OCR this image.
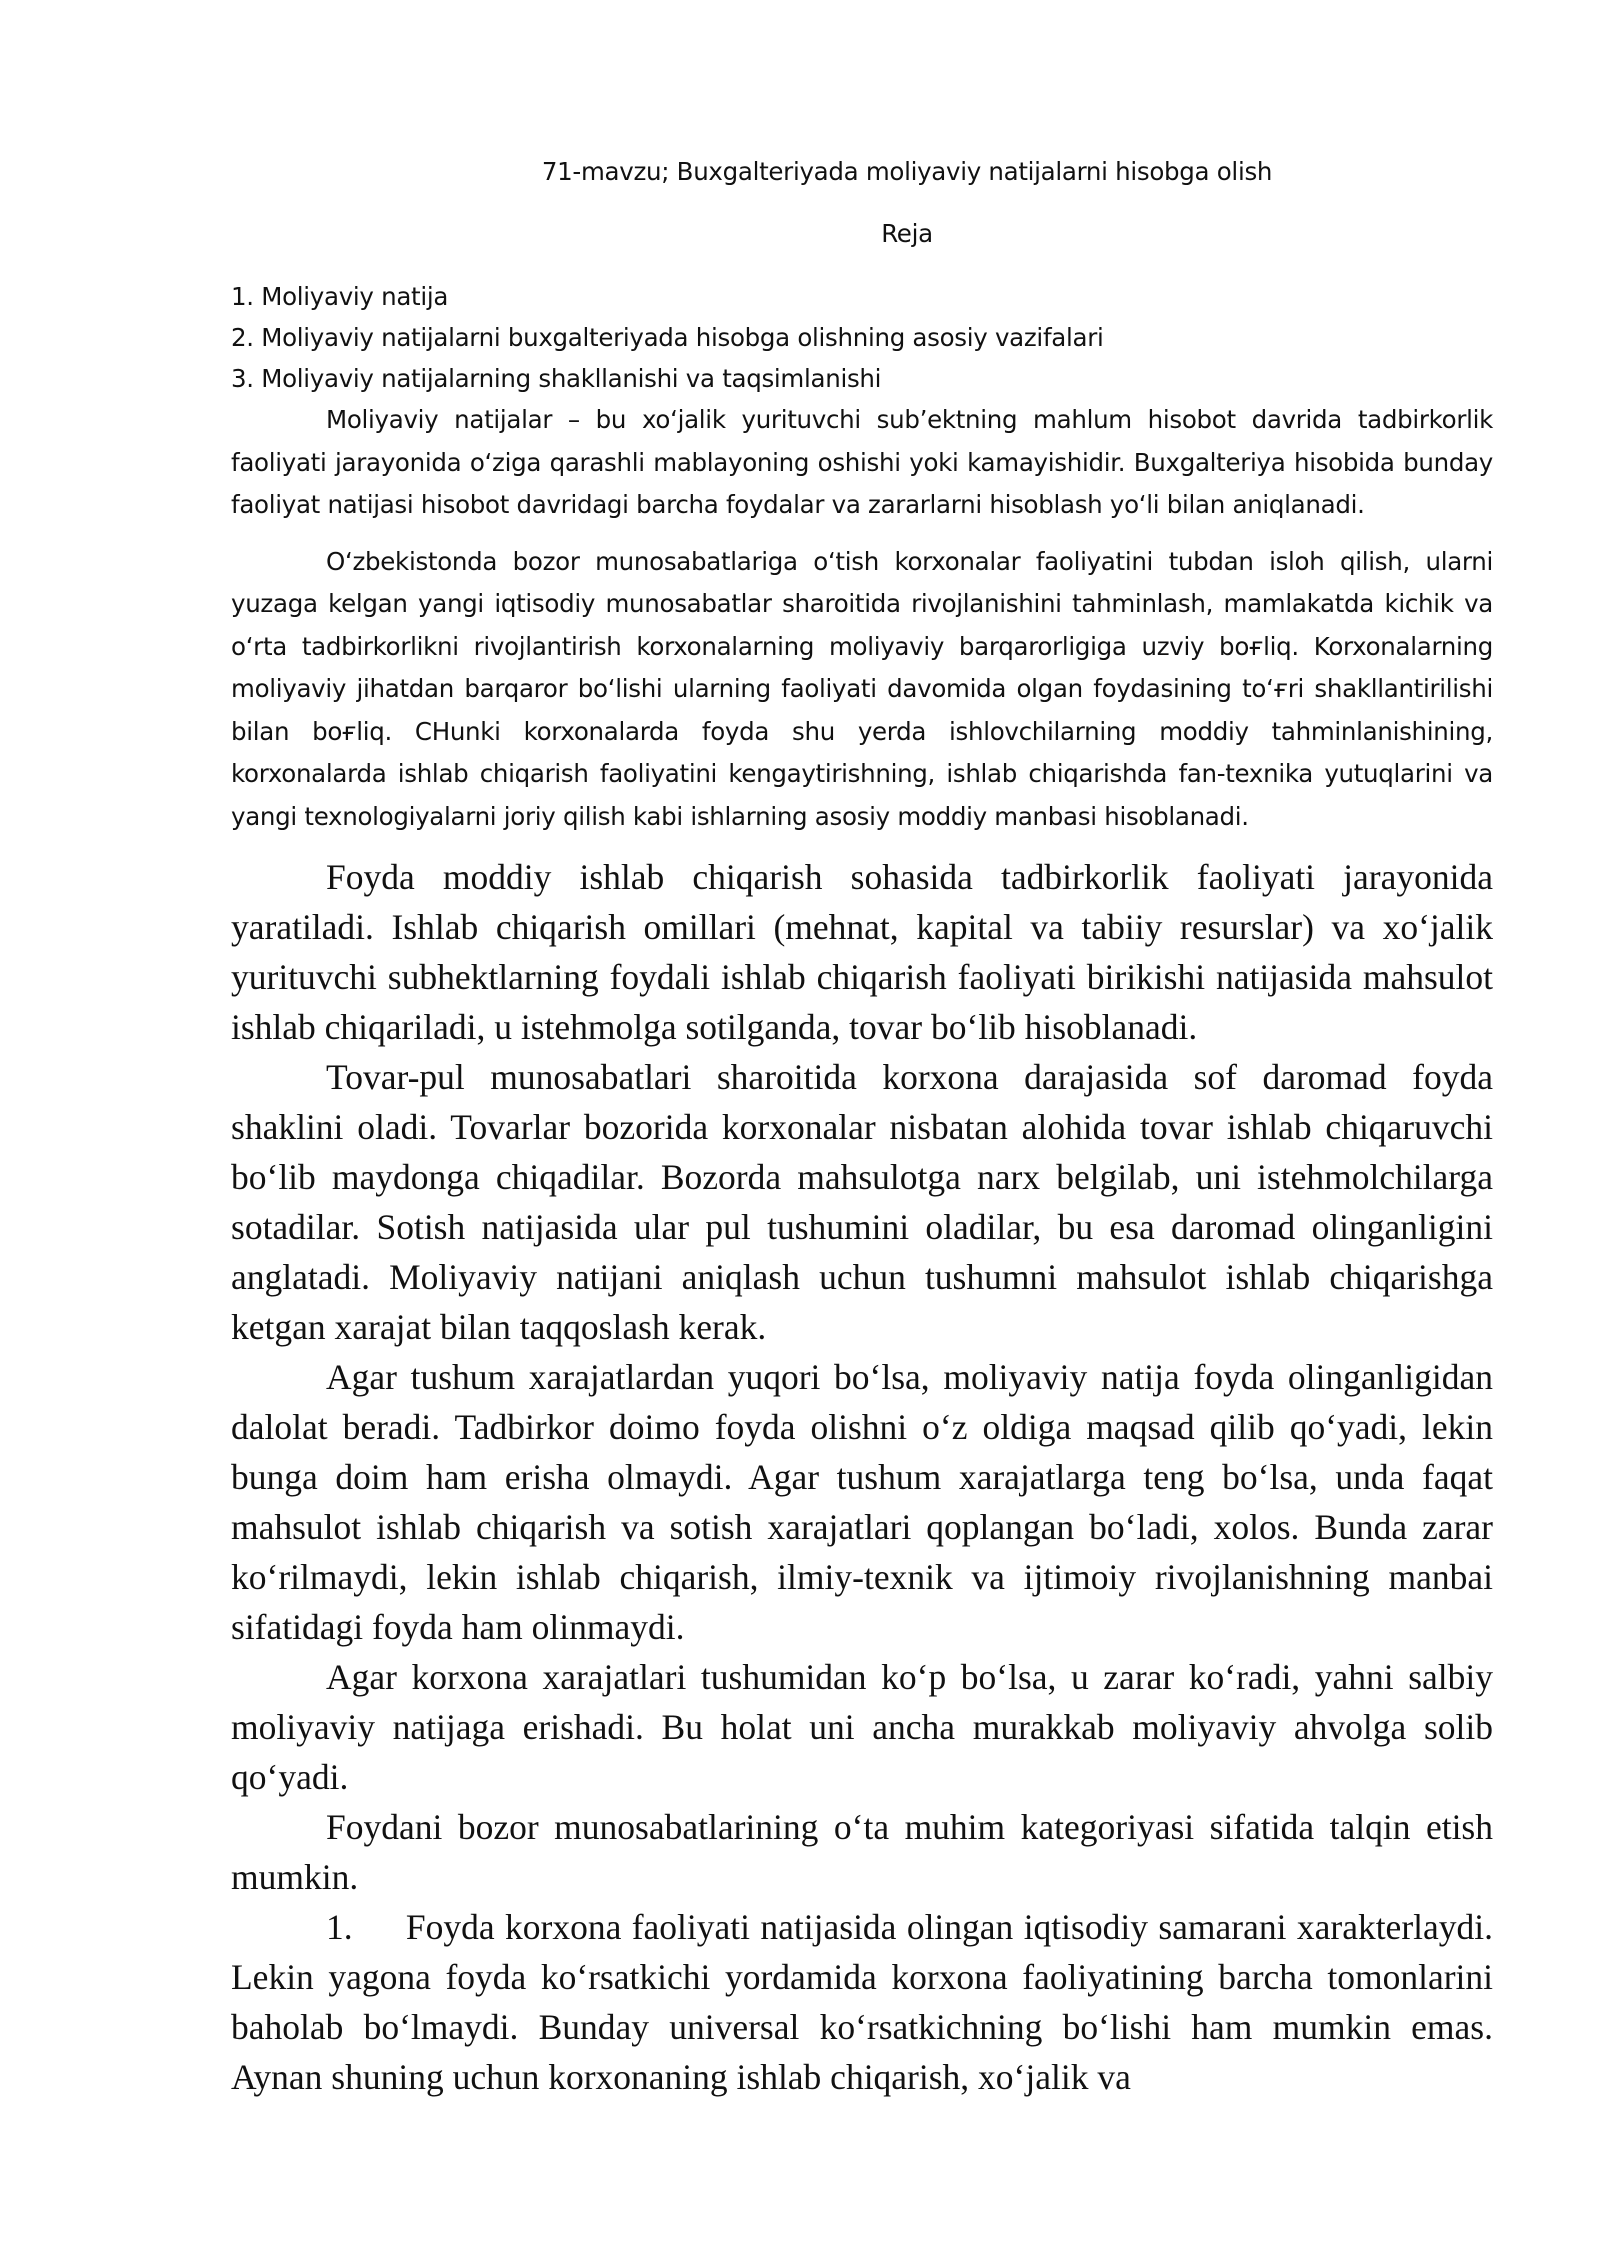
71-mavzu; Buxgalteriyada moliyaviy natijalarni hisobga olish
Reja
1. Moliyaviy natija
2. Moliyaviy natijalarni buxgalteriyada hisobga olishning asosiy vazifalari
3. Moliyaviy natijalarning shakllanishi va taqsimlanishi

Moliyaviy natijalar – bu xo‘jalik yurituvchi sub’ektning mahlum hisobot davrida tadbirkorlik faoliyati jarayonida o‘ziga qarashli mablayoning oshishi yoki kamayishidir. Buxgalteriya hisobida bunday faoliyat natijasi hisobot davridagi barcha foydalar va zararlarni hisoblash yo‘li bilan aniqlanadi.

O‘zbekistonda bozor munosabatlariga o‘tish korxonalar faoliyatini tubdan isloh qilish, ularni yuzaga kelgan yangi iqtisodiy munosabatlar sharoitida rivojlanishini tahminlash, mamlakatda kichik va o‘rta tadbirkorlikni rivojlantirish korxonalarning moliyaviy barqarorligiga uzviy boғliq. Korxonalarning moliyaviy jihatdan barqaror bo‘lishi ularning faoliyati davomida olgan foydasining to‘ғri shakllantirilishi bilan boғliq. CHunki korxonalarda foyda shu yerda ishlovchilarning moddiy tahminlanishining, korxonalarda ishlab chiqarish faoliyatini kengaytirishning, ishlab chiqarishda fan-texnika yutuqlarini va yangi texnologiyalarni joriy qilish kabi ishlarning asosiy moddiy manbasi hisoblanadi.

Foyda moddiy ishlab chiqarish sohasida tadbirkorlik faoliyati jarayonida yaratiladi. Ishlab chiqarish omillari (mehnat, kapital va tabiiy resurslar) va xo‘jalik yurituvchi subhektlarning foydali ishlab chiqarish faoliyati birikishi natijasida mahsulot ishlab chiqariladi, u istehmolga sotilganda, tovar bo‘lib hisoblanadi.

Tovar-pul munosabatlari sharoitida korxona darajasida sof daromad foyda shaklini oladi. Tovarlar bozorida korxonalar nisbatan alohida tovar ishlab chiqaruvchi bo‘lib maydonga chiqadilar. Bozorda mahsulotga narx belgilab, uni istehmolchilarga sotadilar. Sotish natijasida ular pul tushumini oladilar, bu esa daromad olinganligini anglatadi. Moliyaviy natijani aniqlash uchun tushumni mahsulot ishlab chiqarishga ketgan xarajat bilan taqqoslash kerak.

Agar tushum xarajatlardan yuqori bo‘lsa, moliyaviy natija foyda olinganligidan dalolat beradi. Tadbirkor doimo foyda olishni o‘z oldiga maqsad qilib qo‘yadi, lekin bunga doim ham erisha olmaydi. Agar tushum xarajatlarga teng bo‘lsa, unda faqat mahsulot ishlab chiqarish va sotish xarajatlari qoplangan bo‘ladi, xolos. Bunda zarar ko‘rilmaydi, lekin ishlab chiqarish, ilmiy-texnik va ijtimoiy rivojlanishning manbai sifatidagi foyda ham olinmaydi.

Agar korxona xarajatlari tushumidan ko‘p bo‘lsa, u zarar ko‘radi, yahni salbiy moliyaviy natijaga erishadi. Bu holat uni ancha murakkab moliyaviy ahvolga solib qo‘yadi.

Foydani bozor munosabatlarining o‘ta muhim kategoriyasi sifatida talqin etish mumkin.

1.  Foyda korxona faoliyati natijasida olingan iqtisodiy samarani xarakterlaydi. Lekin yagona foyda ko‘rsatkichi yordamida korxona faoliyatining barcha tomonlarini baholab bo‘lmaydi. Bunday universal ko‘rsatkichning bo‘lishi ham mumkin emas. Aynan shuning uchun korxonaning ishlab chiqarish, xo‘jalik va
